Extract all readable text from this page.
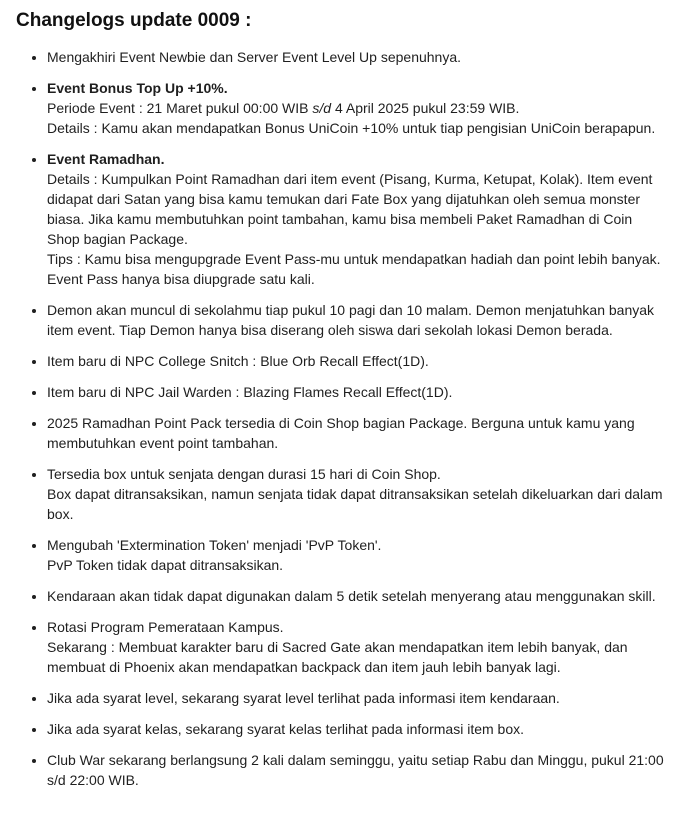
Changelogs update 0009 :
• Mengakhiri Event Newbie dan Server Event Level Up sepenuhnya.
• Event Bonus Top Up +10%.
Periode Event : 21 Maret pukul 00:00 WIB s/d 4 April 2025 pukul 23:59 WIB.
Details : Kamu akan mendapatkan Bonus UniCoin +10% untuk tiap pengisian UniCoin berapapun.
• Event Ramadhan.
Details : Kumpulkan Point Ramadhan dari item event (Pisang, Kurma, Ketupat, Kolak). Item event didapat dari Satan yang bisa kamu temukan dari Fate Box yang dijatuhkan oleh semua monster biasa. Jika kamu membutuhkan point tambahan, kamu bisa membeli Paket Ramadhan di Coin Shop bagian Package.
Tips : Kamu bisa mengupgrade Event Pass-mu untuk mendapatkan hadiah dan point lebih banyak. Event Pass hanya bisa diupgrade satu kali.
• Demon akan muncul di sekolahmu tiap pukul 10 pagi dan 10 malam. Demon menjatuhkan banyak item event. Tiap Demon hanya bisa diserang oleh siswa dari sekolah lokasi Demon berada.
• Item baru di NPC College Snitch : Blue Orb Recall Effect(1D).
• Item baru di NPC Jail Warden : Blazing Flames Recall Effect(1D).
• 2025 Ramadhan Point Pack tersedia di Coin Shop bagian Package. Berguna untuk kamu yang membutuhkan event point tambahan.
• Tersedia box untuk senjata dengan durasi 15 hari di Coin Shop.
Box dapat ditransaksikan, namun senjata tidak dapat ditransaksikan setelah dikeluarkan dari dalam box.
• Mengubah 'Extermination Token' menjadi 'PvP Token'.
PvP Token tidak dapat ditransaksikan.
• Kendaraan akan tidak dapat digunakan dalam 5 detik setelah menyerang atau menggunakan skill.
• Rotasi Program Pemerataan Kampus.
Sekarang : Membuat karakter baru di Sacred Gate akan mendapatkan item lebih banyak, dan membuat di Phoenix akan mendapatkan backpack dan item jauh lebih banyak lagi.
• Jika ada syarat level, sekarang syarat level terlihat pada informasi item kendaraan.
• Jika ada syarat kelas, sekarang syarat kelas terlihat pada informasi item box.
• Club War sekarang berlangsung 2 kali dalam seminggu, yaitu setiap Rabu dan Minggu, pukul 21:00 s/d 22:00 WIB.
